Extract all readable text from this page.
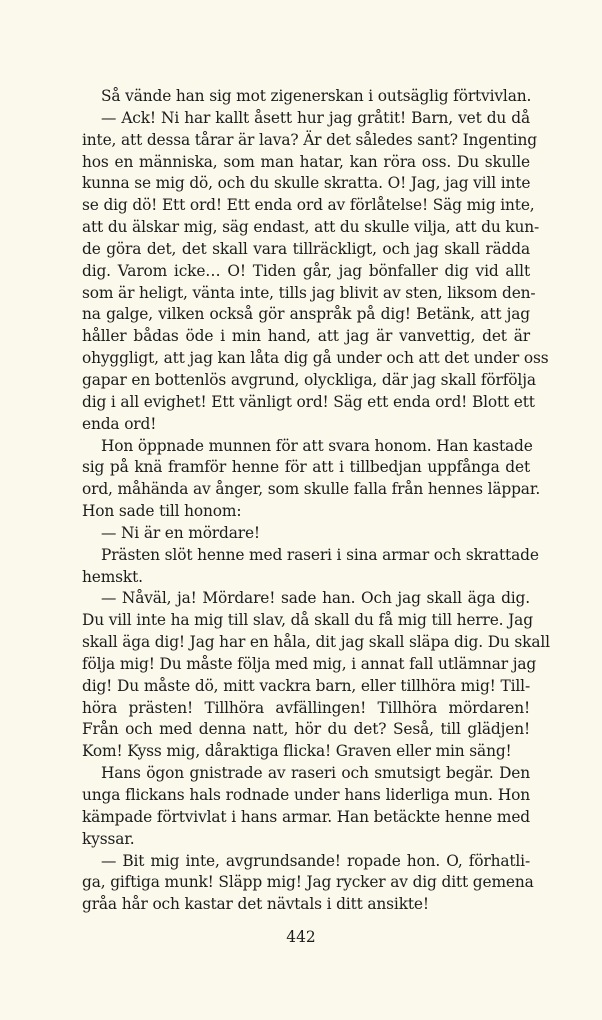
Så vände han sig mot zigenerskan i outsäglig förtvivlan.
— Ack! Ni har kallt åsett hur jag gråtit! Barn, vet du då
inte, att dessa tårar är lava? Är det således sant? Ingenting
hos en människa, som man hatar, kan röra oss. Du skulle
kunna se mig dö, och du skulle skratta. O! Jag, jag vill inte
se dig dö! Ett ord! Ett enda ord av förlåtelse! Säg mig inte,
att du älskar mig, säg endast, att du skulle vilja, att du kun-
de göra det, det skall vara tillräckligt, och jag skall rädda
dig. Varom icke… O! Tiden går, jag bönfaller dig vid allt
som är heligt, vänta inte, tills jag blivit av sten, liksom den-
na galge, vilken också gör anspråk på dig! Betänk, att jag
håller bådas öde i min hand, att jag är vanvettig, det är
ohyggligt, att jag kan låta dig gå under och att det under oss
gapar en bottenlös avgrund, olyckliga, där jag skall förfölja
dig i all evighet! Ett vänligt ord! Säg ett enda ord! Blott ett
enda ord!
Hon öppnade munnen för att svara honom. Han kastade
sig på knä framför henne för att i tillbedjan uppfånga det
ord, måhända av ånger, som skulle falla från hennes läppar.
Hon sade till honom:
— Ni är en mördare!
Prästen slöt henne med raseri i sina armar och skrattade
hemskt.
— Nåväl, ja! Mördare! sade han. Och jag skall äga dig.
Du vill inte ha mig till slav, då skall du få mig till herre. Jag
skall äga dig! Jag har en håla, dit jag skall släpa dig. Du skall
följa mig! Du måste följa med mig, i annat fall utlämnar jag
dig! Du måste dö, mitt vackra barn, eller tillhöra mig! Till-
höra prästen! Tillhöra avfällingen! Tillhöra mördaren!
Från och med denna natt, hör du det? Seså, till glädjen!
Kom! Kyss mig, dåraktiga flicka! Graven eller min säng!
Hans ögon gnistrade av raseri och smutsigt begär. Den
unga flickans hals rodnade under hans liderliga mun. Hon
kämpade förtvivlat i hans armar. Han betäckte henne med
kyssar.
— Bit mig inte, avgrundsande! ropade hon. O, förhatli-
ga, giftiga munk! Släpp mig! Jag rycker av dig ditt gemena
gråa hår och kastar det nävtals i ditt ansikte!
442
